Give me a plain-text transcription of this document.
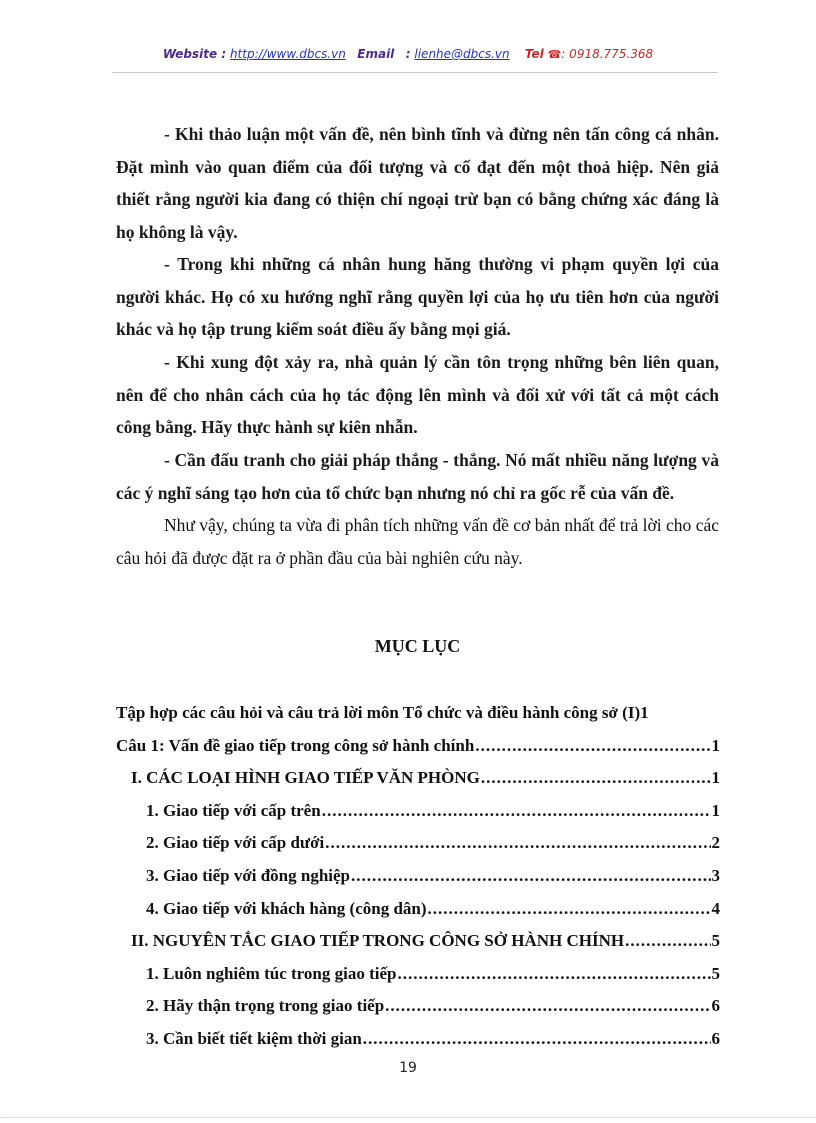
Website : http://www.dbcs.vn Email : lienhe@dbcs.vn Tel ☎: 0918.775.368

- Khi thảo luận một vấn đề, nên bình tĩnh và đừng nên tấn công cá nhân. Đặt mình vào quan điểm của đối tượng và cố đạt đến một thoả hiệp. Nên giả thiết rằng người kia đang có thiện chí ngoại trừ bạn có bằng chứng xác đáng là họ không là vậy.

- Trong khi những cá nhân hung hăng thường vi phạm quyền lợi của người khác. Họ có xu hướng nghĩ rằng quyền lợi của họ ưu tiên hơn của người khác và họ tập trung kiểm soát điều ấy bằng mọi giá.

- Khi xung đột xảy ra, nhà quản lý cần tôn trọng những bên liên quan, nên để cho nhân cách của họ tác động lên mình và đối xử với tất cả một cách công bằng. Hãy thực hành sự kiên nhẫn.

- Cần đấu tranh cho giải pháp thắng - thắng. Nó mất nhiều năng lượng và các ý nghĩ sáng tạo hơn của tổ chức bạn nhưng nó chỉ ra gốc rễ của vấn đề.

Như vậy, chúng ta vừa đi phân tích những vấn đề cơ bản nhất để trả lời cho các câu hỏi đã được đặt ra ở phần đầu của bài nghiên cứu này.

MỤC LỤC
Tập hợp các câu hỏi và câu trả lời môn Tổ chức và điều hành công sở (I) 1
Câu 1: Vấn đề giao tiếp trong công sở hành chính .....	1
I. CÁC LOẠI HÌNH GIAO TIẾP VĂN PHÒNG .....	1
1. Giao tiếp với cấp trên .....	1
2. Giao tiếp với cấp dưới .....	2
3. Giao tiếp với đồng nghiệp .....	3
4. Giao tiếp với khách hàng (công dân) .....	4
II. NGUYÊN TẮC GIAO TIẾP TRONG CÔNG SỞ HÀNH CHÍNH .....	5
1. Luôn nghiêm túc trong giao tiếp .....	5
2. Hãy thận trọng trong giao tiếp .....	6
3. Cần biết tiết kiệm thời gian .....	6
19
